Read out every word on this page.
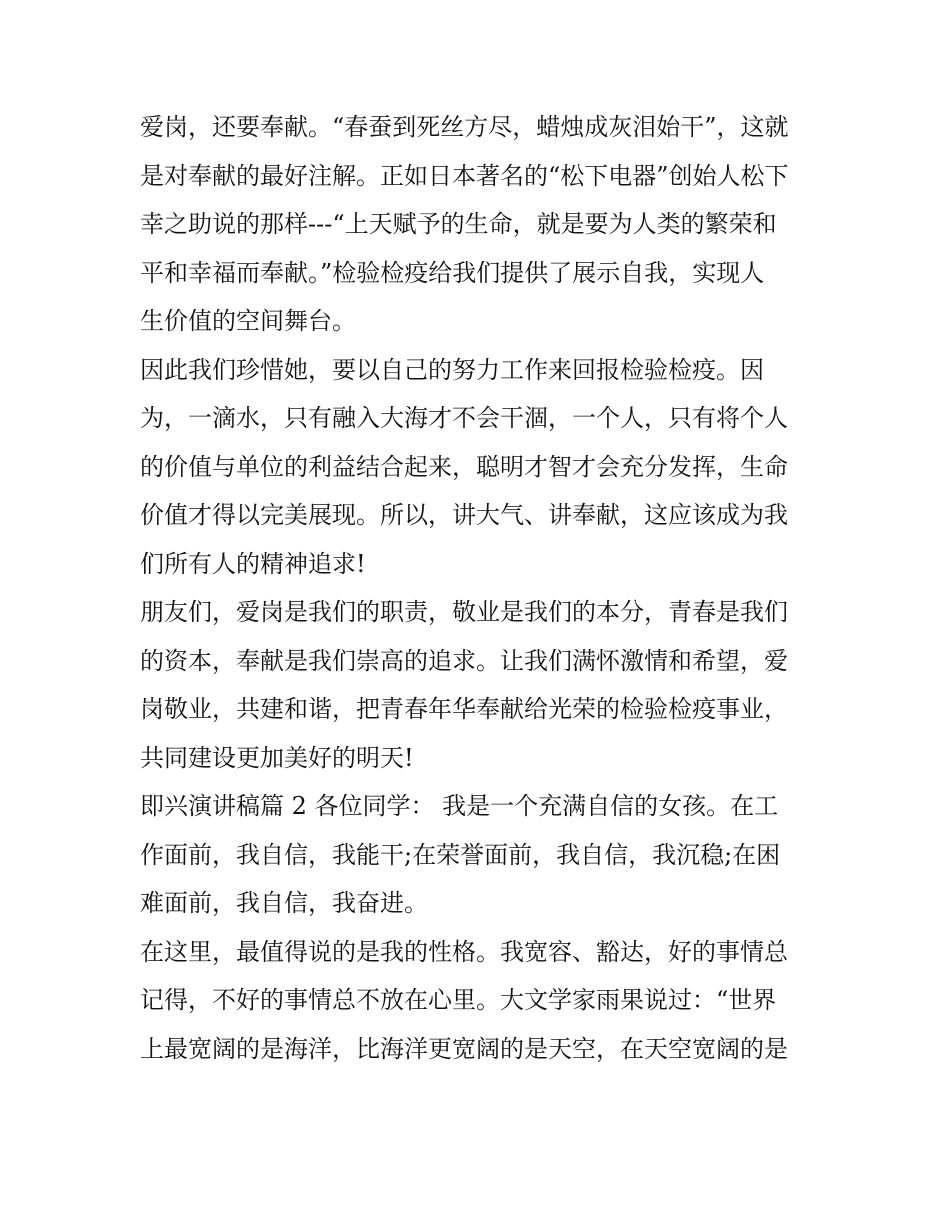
爱岗，还要奉献。“春蚕到死丝方尽，蜡烛成灰泪始干”，这就
是对奉献的最好注解。正如日本著名的“松下电器”创始人松下
幸之助说的那样---“上天赋予的生命，就是要为人类的繁荣和
平和幸福而奉献。”检验检疫给我们提供了展示自我，实现人
生价值的空间舞台。

因此我们珍惜她，要以自己的努力工作来回报检验检疫。因
为，一滴水，只有融入大海才不会干涸，一个人，只有将个人
的价值与单位的利益结合起来，聪明才智才会充分发挥，生命
价值才得以完美展现。所以，讲大气、讲奉献，这应该成为我
们所有人的精神追求!

朋友们，爱岗是我们的职责，敬业是我们的本分，青春是我们
的资本，奉献是我们崇高的追求。让我们满怀激情和希望，爱
岗敬业，共建和谐，把青春年华奉献给光荣的检验检疫事业，
共同建设更加美好的明天!

即兴演讲稿篇 2 各位同学： 我是一个充满自信的女孩。在工
作面前，我自信，我能干;在荣誉面前，我自信，我沉稳;在困
难面前，我自信，我奋进。

在这里，最值得说的是我的性格。我宽容、豁达，好的事情总
记得，不好的事情总不放在心里。大文学家雨果说过：“世界
上最宽阔的是海洋，比海洋更宽阔的是天空，在天空宽阔的是
